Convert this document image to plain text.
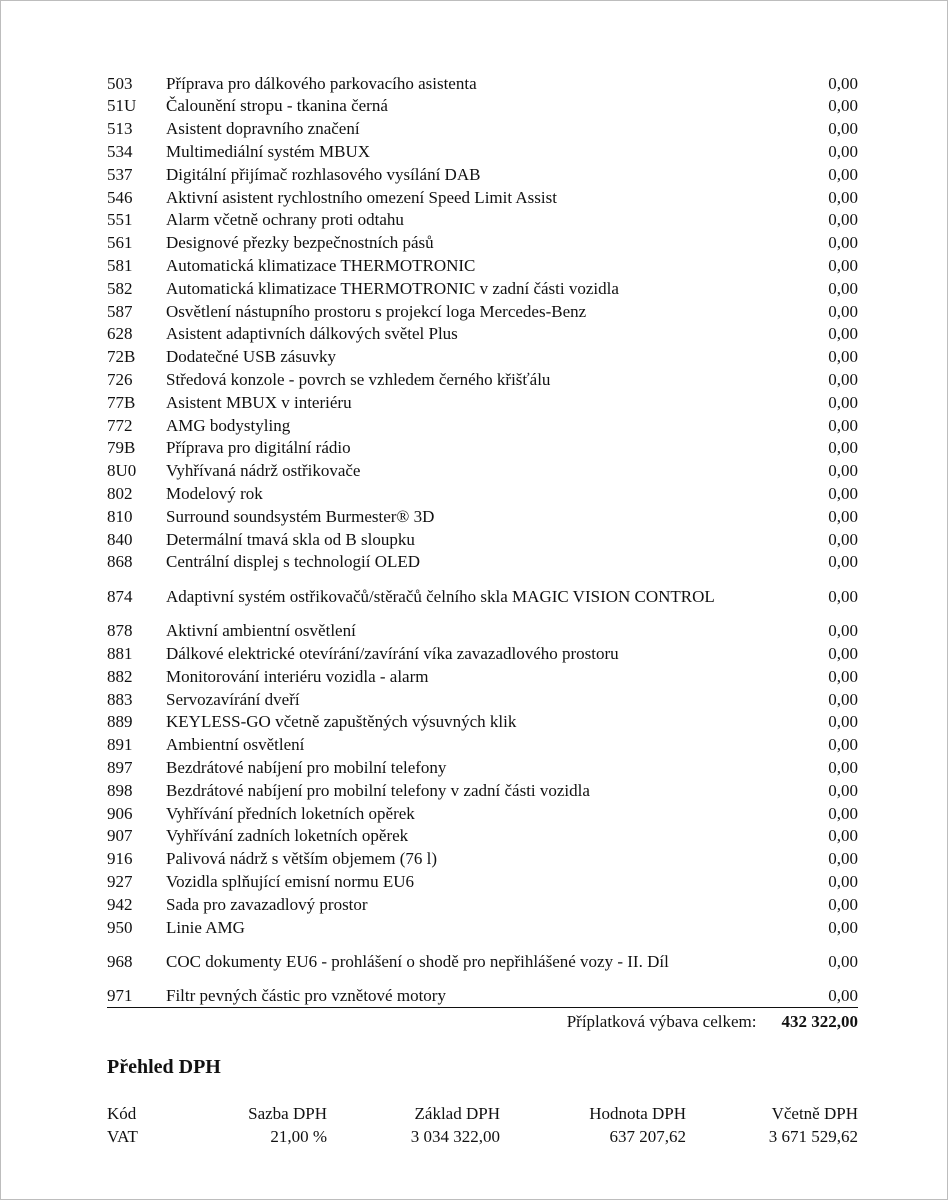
503	Příprava pro dálkového parkovacího asistenta	0,00
51U	Čalounění stropu - tkanina černá	0,00
513	Asistent dopravního značení	0,00
534	Multimediální systém MBUX	0,00
537	Digitální přijímač rozhlasového vysílání DAB	0,00
546	Aktivní asistent rychlostního omezení Speed Limit Assist	0,00
551	Alarm včetně ochrany proti odtahu	0,00
561	Designové přezky bezpečnostních pásů	0,00
581	Automatická klimatizace THERMOTRONIC	0,00
582	Automatická klimatizace THERMOTRONIC v zadní části vozidla	0,00
587	Osvětlení nástupního prostoru s projekcí loga Mercedes-Benz	0,00
628	Asistent adaptivních dálkových světel Plus	0,00
72B	Dodatečné USB zásuvky	0,00
726	Středová konzole - povrch se vzhledem černého křišťálu	0,00
77B	Asistent MBUX v interiéru	0,00
772	AMG bodystyling	0,00
79B	Příprava pro digitální rádio	0,00
8U0	Vyhřívaná nádrž ostřikovače	0,00
802	Modelový rok	0,00
810	Surround soundsystém Burmester® 3D	0,00
840	Determální tmavá skla od B sloupku	0,00
868	Centrální displej s technologií OLED	0,00
874	Adaptivní systém ostřikovačů/stěračů čelního skla MAGIC VISION CONTROL	0,00
878	Aktivní ambientní osvětlení	0,00
881	Dálkové elektrické otevírání/zavírání víka zavazadlového prostoru	0,00
882	Monitorování interiéru vozidla - alarm	0,00
883	Servozavírání dveří	0,00
889	KEYLESS-GO včetně zapuštěných výsuvných klik	0,00
891	Ambientní osvětlení	0,00
897	Bezdrátové nabíjení pro mobilní telefony	0,00
898	Bezdrátové nabíjení pro mobilní telefony v zadní části vozidla	0,00
906	Vyhřívání předních loketních opěrek	0,00
907	Vyhřívání zadních loketních opěrek	0,00
916	Palivová nádrž s větším objemem (76 l)	0,00
927	Vozidla splňující emisní normu EU6	0,00
942	Sada pro zavazadlový prostor	0,00
950	Linie AMG	0,00
968	COC dokumenty EU6 - prohlášení o shodě pro nepřihlášené vozy - II. Díl	0,00
971	Filtr pevných částic pro vznětové motory	0,00
Příplatková výbava celkem: 432 322,00
Přehled DPH
Kód	Sazba DPH	Základ DPH	Hodnota DPH	Včetně DPH
VAT	21,00 %	3 034 322,00	637 207,62	3 671 529,62
